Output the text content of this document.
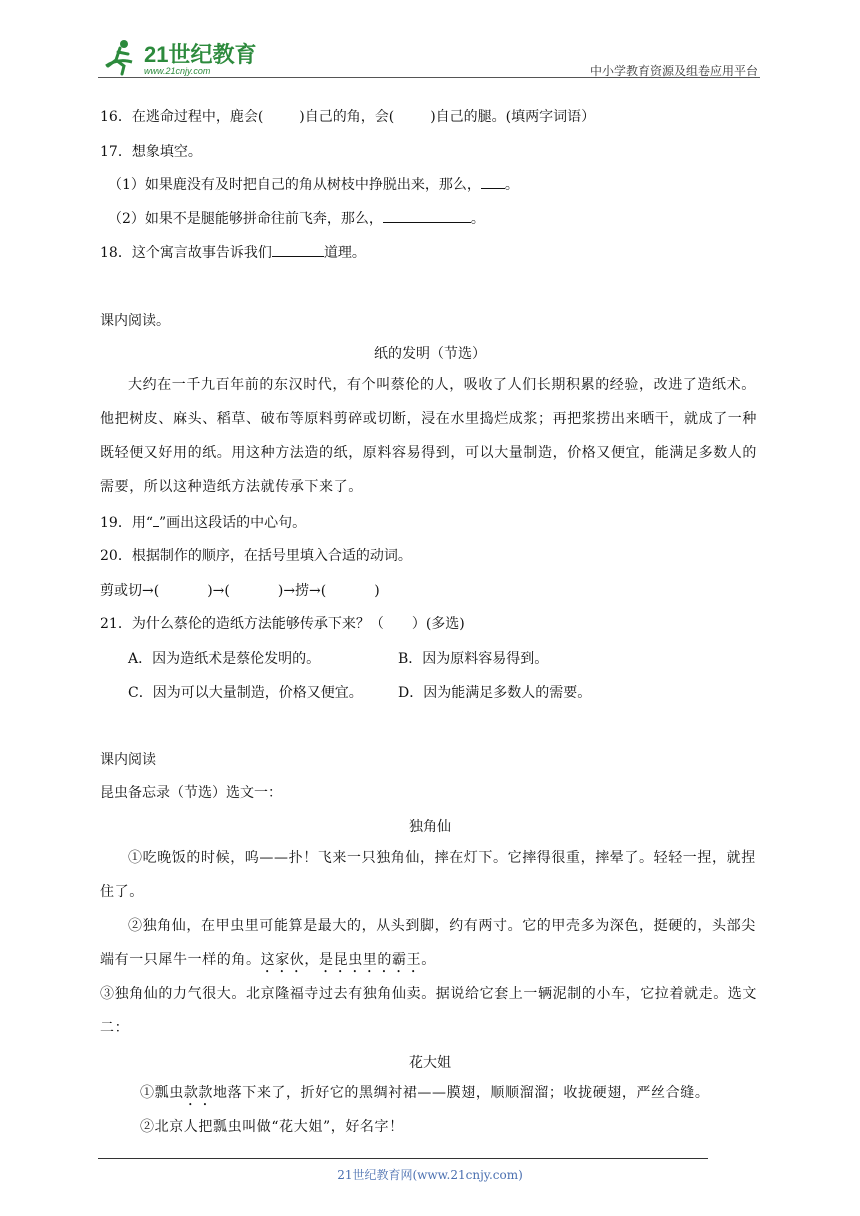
21世纪教育
www.21cnjy.com	中小学教育资源及组卷应用平台
16．在逃命过程中，鹿会(	)自己的角，会(	)自己的腿。(填两字词语）
17．想象填空。
（1）如果鹿没有及时把自己的角从树枝中挣脱出来，那么， 。
（2）如果不是腿能够拼命往前飞奔，那么，	。
18．这个寓言故事告诉我们	道理。
课内阅读。
纸的发明（节选）
大约在一千九百年前的东汉时代，有个叫蔡伦的人，吸收了人们长期积累的经验，改进了造纸术。他把树皮、麻头、稻草、破布等原料剪碎或切断，浸在水里捣烂成浆；再把浆捞出来晒干，就成了一种既轻便又好用的纸。用这种方法造的纸，原料容易得到，可以大量制造，价格又便宜，能满足多数人的需要，所以这种造纸方法就传承下来了。
19．用“ ”画出这段话的中心句。
20．根据制作的顺序，在括号里填入合适的动词。
剪或切→(	)→(	)→捞→(	)
21．为什么蔡伦的造纸方法能够传承下来？（　　）(多选)
A．因为造纸术是蔡伦发明的。	B．因为原料容易得到。
C．因为可以大量制造，价格又便宜。	D．因为能满足多数人的需要。
课内阅读
昆虫备忘录（节选）选文一：
独角仙
①吃晚饭的时候，呜——扑！飞来一只独角仙，摔在灯下。它摔得很重，摔晕了。轻轻一捏，就捏住了。
②独角仙，在甲虫里可能算是最大的，从头到脚，约有两寸。它的甲壳多为深色，挺硬的，头部尖端有一只犀牛一样的角。这家伙，是昆虫里的霸王。
③独角仙的力气很大。北京隆福寺过去有独角仙卖。据说给它套上一辆泥制的小车，它拉着就走。选文二：
花大姐
①瓢虫款款地落下来了，折好它的黑绸衬裙——膜翅，顺顺溜溜；收拢硬翅，严丝合缝。
②北京人把瓢虫叫做“花大姐”，好名字！
21世纪教育网(www.21cnjy.com)
